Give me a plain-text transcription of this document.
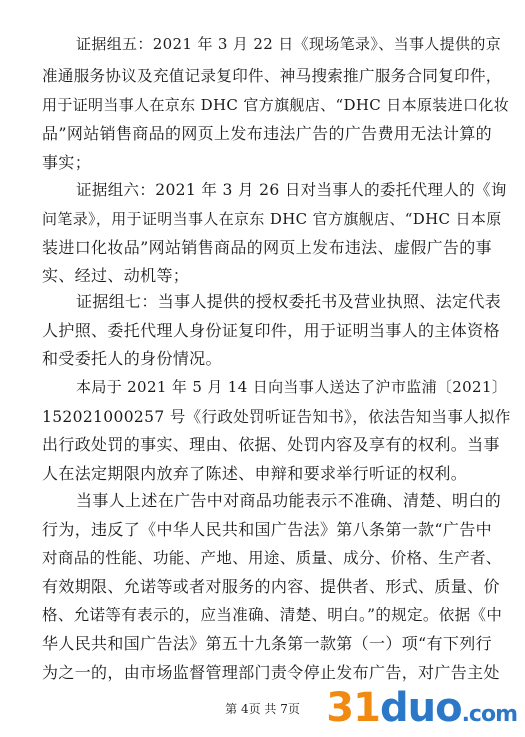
证据组五：2021 年 3 月 22 日《现场笔录》、当事人提供的京
准通服务协议及充值记录复印件、神马搜索推广服务合同复印件，
用于证明当事人在京东 DHC 官方旗舰店、“DHC 日本原装进口化妆
品”网站销售商品的网页上发布违法广告的广告费用无法计算的
事实；
证据组六：2021 年 3 月 26 日对当事人的委托代理人的《询
问笔录》，用于证明当事人在京东 DHC 官方旗舰店、“DHC 日本原
装进口化妆品”网站销售商品的网页上发布违法、虚假广告的事
实、经过、动机等；
证据组七：当事人提供的授权委托书及营业执照、法定代表
人护照、委托代理人身份证复印件，用于证明当事人的主体资格
和受委托人的身份情况。
本局于 2021 年 5 月 14 日向当事人送达了沪市监浦〔2021〕
152021000257 号《行政处罚听证告知书》，依法告知当事人拟作
出行政处罚的事实、理由、依据、处罚内容及享有的权利。当事
人在法定期限内放弃了陈述、申辩和要求举行听证的权利。
当事人上述在广告中对商品功能表示不准确、清楚、明白的
行为，违反了《中华人民共和国广告法》第八条第一款“广告中
对商品的性能、功能、产地、用途、质量、成分、价格、生产者、
有效期限、允诺等或者对服务的内容、提供者、形式、质量、价
格、允诺等有表示的，应当准确、清楚、明白。”的规定。依据《中
华人民共和国广告法》第五十九条第一款第（一）项“有下列行
为之一的，由市场监督管理部门责令停止发布广告，对广告主处
第 4页 共 7页 31duo.com
